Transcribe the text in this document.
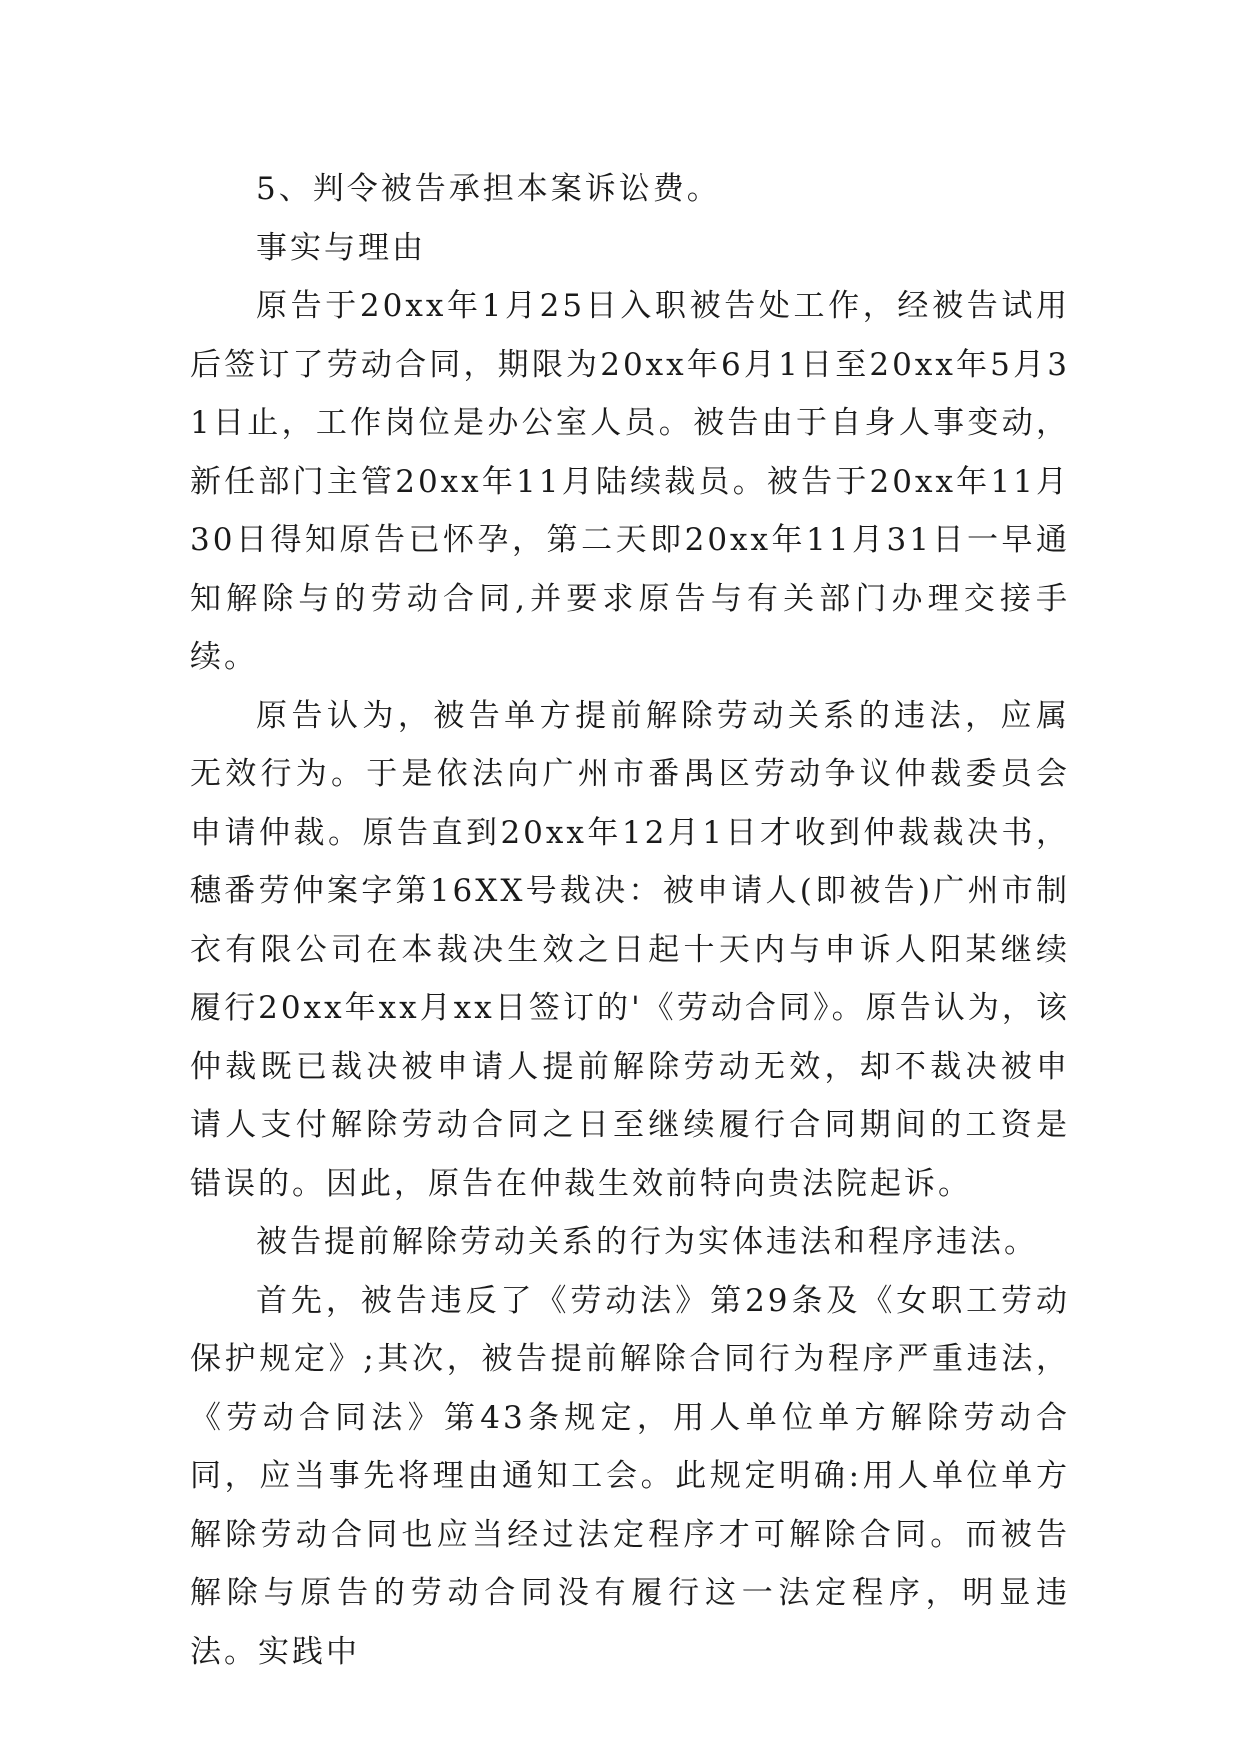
5、判令被告承担本案诉讼费。

事实与理由

原告于20xx年1月25日入职被告处工作，经被告试用后签订了劳动合同，期限为20xx年6月1日至20xx年5月31日止，工作岗位是办公室人员。被告由于自身人事变动，新任部门主管20xx年11月陆续裁员。被告于20xx年11月30日得知原告已怀孕，第二天即20xx年11月31日一早通知解除与的劳动合同,并要求原告与有关部门办理交接手续。

原告认为，被告单方提前解除劳动关系的违法，应属无效行为。于是依法向广州市番禺区劳动争议仲裁委员会申请仲裁。原告直到20xx年12月1日才收到仲裁裁决书，穗番劳仲案字第16XX号裁决：被申请人(即被告)广州市制衣有限公司在本裁决生效之日起十天内与申诉人阳某继续履行20xx年xx月xx日签订的'《劳动合同》。原告认为，该仲裁既已裁决被申请人提前解除劳动无效，却不裁决被申请人支付解除劳动合同之日至继续履行合同期间的工资是错误的。因此，原告在仲裁生效前特向贵法院起诉。

被告提前解除劳动关系的行为实体违法和程序违法。

首先，被告违反了《劳动法》第29条及《女职工劳动保护规定》;其次，被告提前解除合同行为程序严重违法，《劳动合同法》第43条规定，用人单位单方解除劳动合同，应当事先将理由通知工会。此规定明确:用人单位单方解除劳动合同也应当经过法定程序才可解除合同。而被告解除与原告的劳动合同没有履行这一法定程序，明显违法。实践中
